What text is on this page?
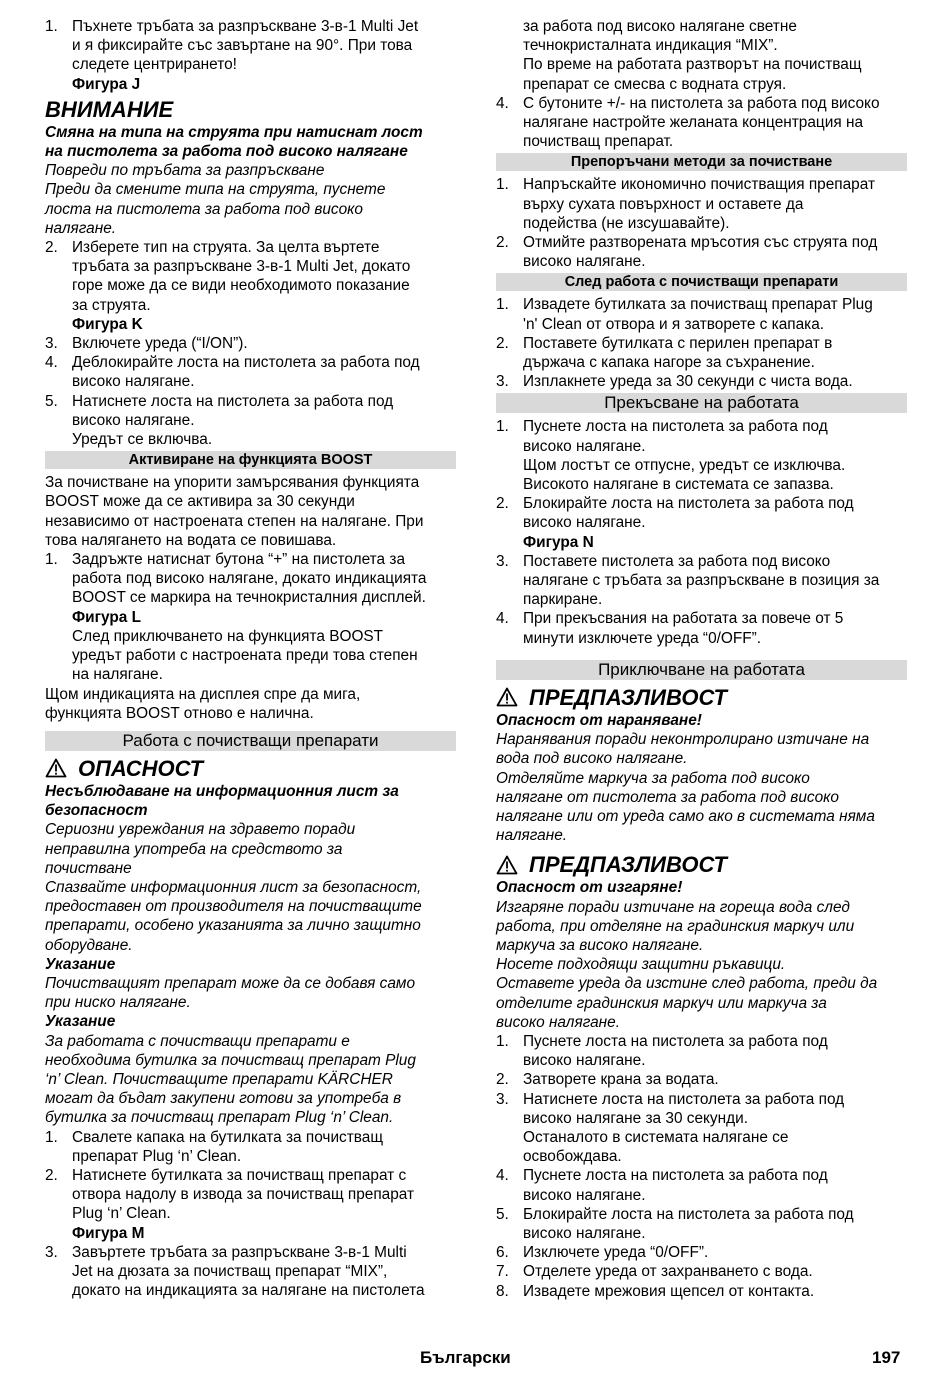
1. Пъхнете тръбата за разпръскване 3-в-1 Multi Jet
и я фиксирайте със завъртане на 90°. При това
следете центрирането!
Фигура J
ВНИМАНИЕ
Смяна на типа на струята при натиснат лост
на пистолета за работа под високо налягане
Повреди по тръбата за разпръскване
Преди да смените типа на струята, пуснете
лоста на пистолета за работа под високо
налягане.
2. Изберете тип на струята. За целта въртете
тръбата за разпръскване 3-в-1 Multi Jet, докато
горе може да се види необходимото показание
за струята.
Фигура K
3. Включете уреда (“I/ON”).
4. Деблокирайте лоста на пистолета за работа под
високо налягане.
5. Натиснете лоста на пистолета за работа под
високо налягане.
Уредът се включва.
Активиране на функцията BOOST
За почистване на упорити замърсявания функцията
BOOST може да се активира за 30 секунди
независимо от настроената степен на налягане. При
това налягането на водата се повишава.
1. Задръжте натиснат бутона “+” на пистолета за
работа под високо налягане, докато индикацията
BOOST се маркира на течнокристалния дисплей.
Фигура L
След приключването на функцията BOOST
уредът работи с настроената преди това степен
на налягане.
Щом индикацията на дисплея спре да мига,
функцията BOOST отново е налична.
Работа с почистващи препарати
ОПАСНОСТ
Несъблюдаване на информационния лист за
безопасност
Сериозни увреждания на здравето поради
неправилна употреба на средството за
почистване
Спазвайте информационния лист за безопасност,
предоставен от производителя на почистващите
препарати, особено указанията за лично защитно
оборудване.
Указание
Почистващият препарат може да се добавя само
при ниско налягане.
Указание
За работата с почистващи препарати е
необходима бутилка за почистващ препарат Plug
‘n’ Clean. Почистващите препарати KÄRCHER
могат да бъдат закупени готови за употреба в
бутилка за почистващ препарат Plug ‘n’ Clean.
1. Свалете капака на бутилката за почистващ
препарат Plug ‘n’ Clean.
2. Натиснете бутилката за почистващ препарат с
отвора надолу в извода за почистващ препарат
Plug ‘n’ Clean.
Фигура M
3. Завъртете тръбата за разпръскване 3-в-1 Multi
Jet на дюзата за почистващ препарат “MIX”,
докато на индикацията за налягане на пистолета
за работа под високо налягане светне
течнокристалната индикация “MIX”.
По време на работата разтворът на почистващ
препарат се смесва с водната струя.
4. С бутоните +/- на пистолета за работа под високо
налягане настройте желаната концентрация на
почистващ препарат.
Препоръчани методи за почистване
1. Напръскайте икономично почистващия препарат
върху сухата повърхност и оставете да
подейства (не изсушавайте).
2. Отмийте разтворената мръсотия със струята под
високо налягане.
След работа с почистващи препарати
1. Извадете бутилката за почистващ препарат Plug
'n' Clean от отвора и я затворете с капака.
2. Поставете бутилката с перилен препарат в
държача с капака нагоре за съхранение.
3. Изплакнете уреда за 30 секунди с чиста вода.
Прекъсване на работата
1. Пуснете лоста на пистолета за работа под
високо налягане.
Щом лостът се отпусне, уредът се изключва.
Високото налягане в системата се запазва.
2. Блокирайте лоста на пистолета за работа под
високо налягане.
Фигура N
3. Поставете пистолета за работа под високо
налягане с тръбата за разпръскване в позиция за
паркиране.
4. При прекъсвания на работата за повече от 5
минути изключете уреда “0/OFF”.
Приключване на работата
ПРЕДПАЗЛИВОСТ
Опасност от нараняване!
Наранявания поради неконтролирано изтичане на
вода под високо налягане.
Отделяйте маркуча за работа под високо
налягане от пистолета за работа под високо
налягане или от уреда само ако в системата няма
налягане.
ПРЕДПАЗЛИВОСТ
Опасност от изгаряне!
Изгаряне поради изтичане на гореща вода след
работа, при отделяне на градинския маркуч или
маркуча за високо налягане.
Носете подходящи защитни ръкавици.
Оставете уреда да изстине след работа, преди да
отделите градинския маркуч или маркуча за
високо налягане.
1. Пуснете лоста на пистолета за работа под
високо налягане.
2. Затворете крана за водата.
3. Натиснете лоста на пистолета за работа под
високо налягане за 30 секунди.
Останалото в системата налягане се
освобождава.
4. Пуснете лоста на пистолета за работа под
високо налягане.
5. Блокирайте лоста на пистолета за работа под
високо налягане.
6. Изключете уреда “0/OFF”.
7. Отделете уреда от захранването с вода.
8. Извадете мрежовия щепсел от контакта.
Български	197
